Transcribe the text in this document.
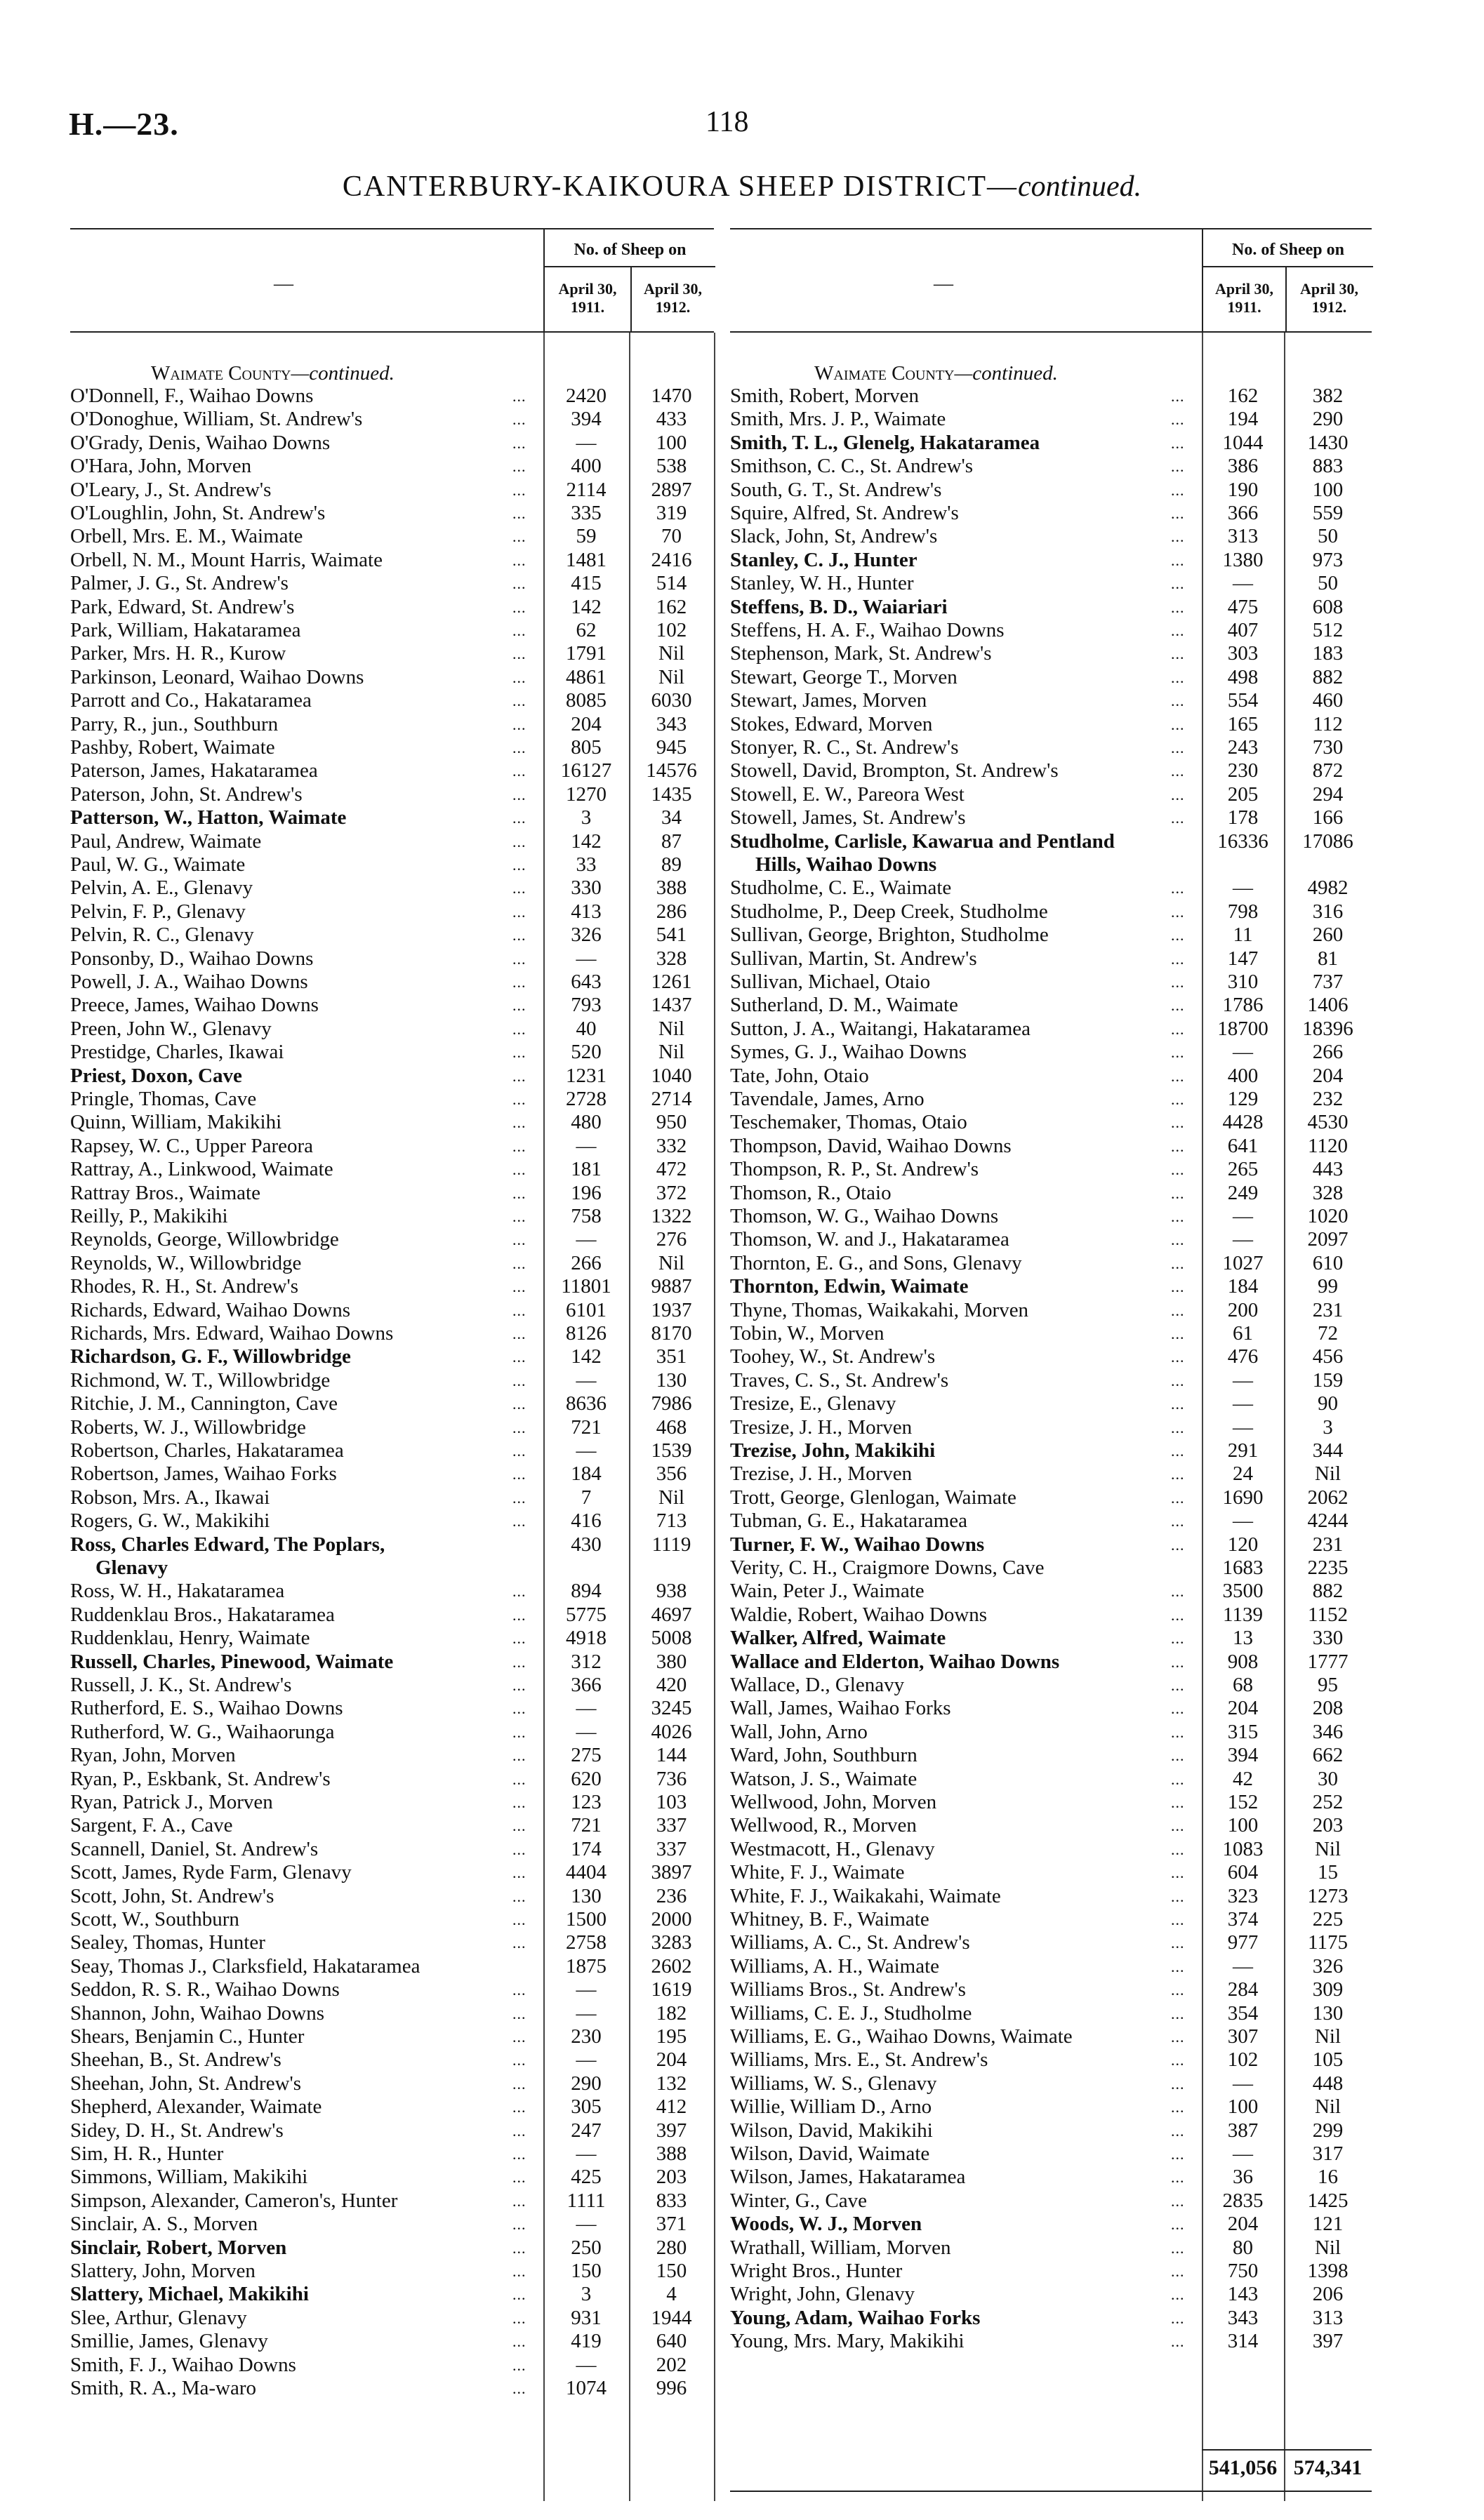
H.—23.	118
CANTERBURY-KAIKOURA SHEEP DISTRICT—continued.
—
No. of Sheep on
April 30, 1911.
April 30, 1912.
Waimate County—continued.
O'Donnell, F., Waihao Downs	...	2420	1470
O'Donoghue, William, St. Andrew's	...	394	433
O'Grady, Denis, Waihao Downs	...	—	100
O'Hara, John, Morven	...	400	538
O'Leary, J., St. Andrew's	...	2114	2897
O'Loughlin, John, St. Andrew's	...	335	319
Orbell, Mrs. E. M., Waimate	...	59	70
Orbell, N. M., Mount Harris, Waimate	...	1481	2416
Palmer, J. G., St. Andrew's	...	415	514
Park, Edward, St. Andrew's	...	142	162
Park, William, Hakataramea	...	62	102
Parker, Mrs. H. R., Kurow	...	1791	Nil
Parkinson, Leonard, Waihao Downs	...	4861	Nil
Parrott and Co., Hakataramea	...	8085	6030
Parry, R., jun., Southburn	...	204	343
Pashby, Robert, Waimate	...	805	945
Paterson, James, Hakataramea	...	16127	14576
Paterson, John, St. Andrew's	...	1270	1435
Patterson, W., Hatton, Waimate	...	3	34
Paul, Andrew, Waimate	...	142	87
Paul, W. G., Waimate	...	33	89
Pelvin, A. E., Glenavy	...	330	388
Pelvin, F. P., Glenavy	...	413	286
Pelvin, R. C., Glenavy	...	326	541
Ponsonby, D., Waihao Downs	...	—	328
Powell, J. A., Waihao Downs	...	643	1261
Preece, James, Waihao Downs	...	793	1437
Preen, John W., Glenavy	...	40	Nil
Prestidge, Charles, Ikawai	...	520	Nil
Priest, Doxon, Cave	...	1231	1040
Pringle, Thomas, Cave	...	2728	2714
Quinn, William, Makikihi	...	480	950
Rapsey, W. C., Upper Pareora	...	—	332
Rattray, A., Linkwood, Waimate	...	181	472
Rattray Bros., Waimate	...	196	372
Reilly, P., Makikihi	...	758	1322
Reynolds, George, Willowbridge	...	—	276
Reynolds, W., Willowbridge	...	266	Nil
Rhodes, R. H., St. Andrew's	...	11801	9887
Richards, Edward, Waihao Downs	...	6101	1937
Richards, Mrs. Edward, Waihao Downs	...	8126	8170
Richardson, G. F., Willowbridge	...	142	351
Richmond, W. T., Willowbridge	...	—	130
Ritchie, J. M., Cannington, Cave	...	8636	7986
Roberts, W. J., Willowbridge	...	721	468
Robertson, Charles, Hakataramea	...	—	1539
Robertson, James, Waihao Forks	...	184	356
Robson, Mrs. A., Ikawai	...	7	Nil
Rogers, G. W., Makikihi	...	416	713
Ross, Charles Edward, The Poplars,	430	1119
Glenavy
Ross, W. H., Hakataramea	...	894	938
Ruddenklau Bros., Hakataramea	...	5775	4697
Ruddenklau, Henry, Waimate	...	4918	5008
Russell, Charles, Pinewood, Waimate	...	312	380
Russell, J. K., St. Andrew's	...	366	420
Rutherford, E. S., Waihao Downs	...	—	3245
Rutherford, W. G., Waihaorunga	...	—	4026
Ryan, John, Morven	...	275	144
Ryan, P., Eskbank, St. Andrew's	...	620	736
Ryan, Patrick J., Morven	...	123	103
Sargent, F. A., Cave	...	721	337
Scannell, Daniel, St. Andrew's	...	174	337
Scott, James, Ryde Farm, Glenavy	...	4404	3897
Scott, John, St. Andrew's	...	130	236
Scott, W., Southburn	...	1500	2000
Sealey, Thomas, Hunter	...	2758	3283
Seay, Thomas J., Clarksfield, Hakataramea	1875	2602
Seddon, R. S. R., Waihao Downs	...	—	1619
Shannon, John, Waihao Downs	...	—	182
Shears, Benjamin C., Hunter	...	230	195
Sheehan, B., St. Andrew's	...	—	204
Sheehan, John, St. Andrew's	...	290	132
Shepherd, Alexander, Waimate	...	305	412
Sidey, D. H., St. Andrew's	...	247	397
Sim, H. R., Hunter	...	—	388
Simmons, William, Makikihi	...	425	203
Simpson, Alexander, Cameron's, Hunter	...	1111	833
Sinclair, A. S., Morven	...	—	371
Sinclair, Robert, Morven	...	250	280
Slattery, John, Morven	...	150	150
Slattery, Michael, Makikihi	...	3	4
Slee, Arthur, Glenavy	...	931	1944
Smillie, James, Glenavy	...	419	640
Smith, F. J., Waihao Downs	...	—	202
Smith, R. A., Ma-waro	...	1074	996
—
No. of Sheep on
April 30, 1911.
April 30, 1912.
Waimate County—continued.
Smith, Robert, Morven	...	162	382
Smith, Mrs. J. P., Waimate	...	194	290
Smith, T. L., Glenelg, Hakataramea	...	1044	1430
Smithson, C. C., St. Andrew's	...	386	883
South, G. T., St. Andrew's	...	190	100
Squire, Alfred, St. Andrew's	...	366	559
Slack, John, St, Andrew's	...	313	50
Stanley, C. J., Hunter	...	1380	973
Stanley, W. H., Hunter	...	—	50
Steffens, B. D., Waiariari	...	475	608
Steffens, H. A. F., Waihao Downs	...	407	512
Stephenson, Mark, St. Andrew's	...	303	183
Stewart, George T., Morven	...	498	882
Stewart, James, Morven	...	554	460
Stokes, Edward, Morven	...	165	112
Stonyer, R. C., St. Andrew's	...	243	730
Stowell, David, Brompton, St. Andrew's	...	230	872
Stowell, E. W., Pareora West	...	205	294
Stowell, James, St. Andrew's	...	178	166
Studholme, Carlisle, Kawarua and Pentland	16336	17086
Hills, Waihao Downs
Studholme, C. E., Waimate	...	—	4982
Studholme, P., Deep Creek, Studholme	...	798	316
Sullivan, George, Brighton, Studholme	...	11	260
Sullivan, Martin, St. Andrew's	...	147	81
Sullivan, Michael, Otaio	...	310	737
Sutherland, D. M., Waimate	...	1786	1406
Sutton, J. A., Waitangi, Hakataramea	...	18700	18396
Symes, G. J., Waihao Downs	...	—	266
Tate, John, Otaio	...	400	204
Tavendale, James, Arno	...	129	232
Teschemaker, Thomas, Otaio	...	4428	4530
Thompson, David, Waihao Downs	...	641	1120
Thompson, R. P., St. Andrew's	...	265	443
Thomson, R., Otaio	...	249	328
Thomson, W. G., Waihao Downs	...	—	1020
Thomson, W. and J., Hakataramea	...	—	2097
Thornton, E. G., and Sons, Glenavy	...	1027	610
Thornton, Edwin, Waimate	...	184	99
Thyne, Thomas, Waikakahi, Morven	...	200	231
Tobin, W., Morven	...	61	72
Toohey, W., St. Andrew's	...	476	456
Traves, C. S., St. Andrew's	...	—	159
Tresize, E., Glenavy	...	—	90
Tresize, J. H., Morven	...	—	3
Trezise, John, Makikihi	...	291	344
Trezise, J. H., Morven	...	24	Nil
Trott, George, Glenlogan, Waimate	...	1690	2062
Tubman, G. E., Hakataramea	...	—	4244
Turner, F. W., Waihao Downs	...	120	231
Verity, C. H., Craigmore Downs, Cave	1683	2235
Wain, Peter J., Waimate	...	3500	882
Waldie, Robert, Waihao Downs	...	1139	1152
Walker, Alfred, Waimate	...	13	330
Wallace and Elderton, Waihao Downs	...	908	1777
Wallace, D., Glenavy	...	68	95
Wall, James, Waihao Forks	...	204	208
Wall, John, Arno	...	315	346
Ward, John, Southburn	...	394	662
Watson, J. S., Waimate	...	42	30
Wellwood, John, Morven	...	152	252
Wellwood, R., Morven	...	100	203
Westmacott, H., Glenavy	...	1083	Nil
White, F. J., Waimate	...	604	15
White, F. J., Waikakahi, Waimate	...	323	1273
Whitney, B. F., Waimate	...	374	225
Williams, A. C., St. Andrew's	...	977	1175
Williams, A. H., Waimate	...	—	326
Williams Bros., St. Andrew's	...	284	309
Williams, C. E. J., Studholme	...	354	130
Williams, E. G., Waihao Downs, Waimate	...	307	Nil
Williams, Mrs. E., St. Andrew's	...	102	105
Williams, W. S., Glenavy	...	—	448
Willie, William D., Arno	...	100	Nil
Wilson, David, Makikihi	...	387	299
Wilson, David, Waimate	...	—	317
Wilson, James, Hakataramea	...	36	16
Winter, G., Cave	...	2835	1425
Woods, W. J., Morven	...	204	121
Wrathall, William, Morven	...	80	Nil
Wright Bros., Hunter	...	750	1398
Wright, John, Glenavy	...	143	206
Young, Adam, Waihao Forks	...	343	313
Young, Mrs. Mary, Makikihi	...	314	397
541,056 574,341
